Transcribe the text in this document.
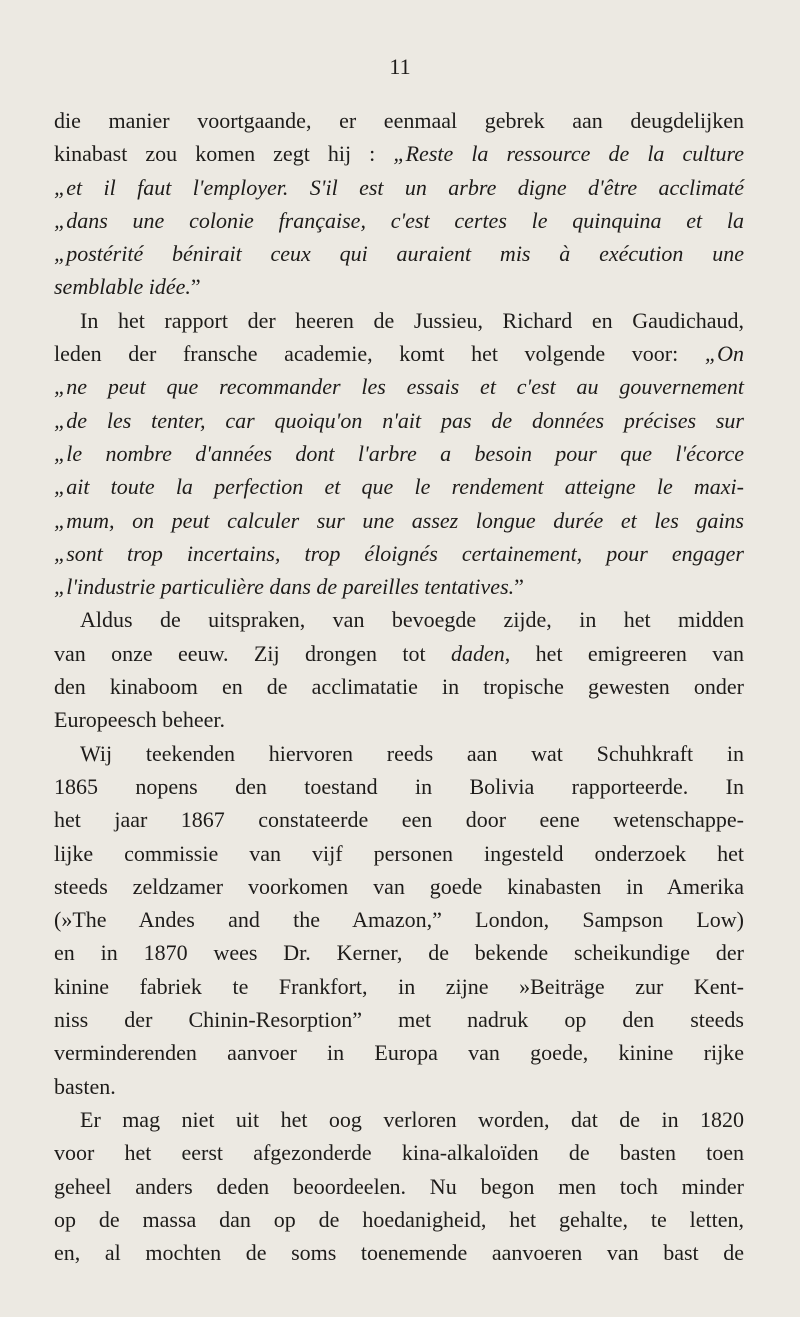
11
die manier voortgaande, er eenmaal gebrek aan deugdelijken
kinabast zou komen zegt hij : „Reste la ressource de la culture
„et il faut l'employer. S'il est un arbre digne d'être acclimaté
„dans une colonie française, c'est certes le quinquina et la
„postérité bénirait ceux qui auraient mis à exécution une
semblable idée.”
In het rapport der heeren de Jussieu, Richard en Gaudichaud,
leden der fransche academie, komt het volgende voor: „On
„ne peut que recommander les essais et c'est au gouvernement
„de les tenter, car quoiqu'on n'ait pas de données précises sur
„le nombre d'années dont l'arbre a besoin pour que l'écorce
„ait toute la perfection et que le rendement atteigne le maxi-
„mum, on peut calculer sur une assez longue durée et les gains
„sont trop incertains, trop éloignés certainement, pour engager
„l'industrie particulière dans de pareilles tentatives.”
Aldus de uitspraken, van bevoegde zijde, in het midden
van onze eeuw. Zij drongen tot daden, het emigreeren van
den kinaboom en de acclimatatie in tropische gewesten onder
Europeesch beheer.
Wij teekenden hiervoren reeds aan wat Schuhkraft in
1865 nopens den toestand in Bolivia rapporteerde. In
het jaar 1867 constateerde een door eene wetenschappe-
lijke commissie van vijf personen ingesteld onderzoek het
steeds zeldzamer voorkomen van goede kinabasten in Amerika
(»The Andes and the Amazon,” London, Sampson Low)
en in 1870 wees Dr. Kerner, de bekende scheikundige der
kinine fabriek te Frankfort, in zijne »Beiträge zur Kent-
niss der Chinin-Resorption” met nadruk op den steeds
verminderenden aanvoer in Europa van goede, kinine rijke
basten.
Er mag niet uit het oog verloren worden, dat de in 1820
voor het eerst afgezonderde kina-alkaloïden de basten toen
geheel anders deden beoordeelen. Nu begon men toch minder
op de massa dan op de hoedanigheid, het gehalte, te letten,
en, al mochten de soms toenemende aanvoeren van bast de
